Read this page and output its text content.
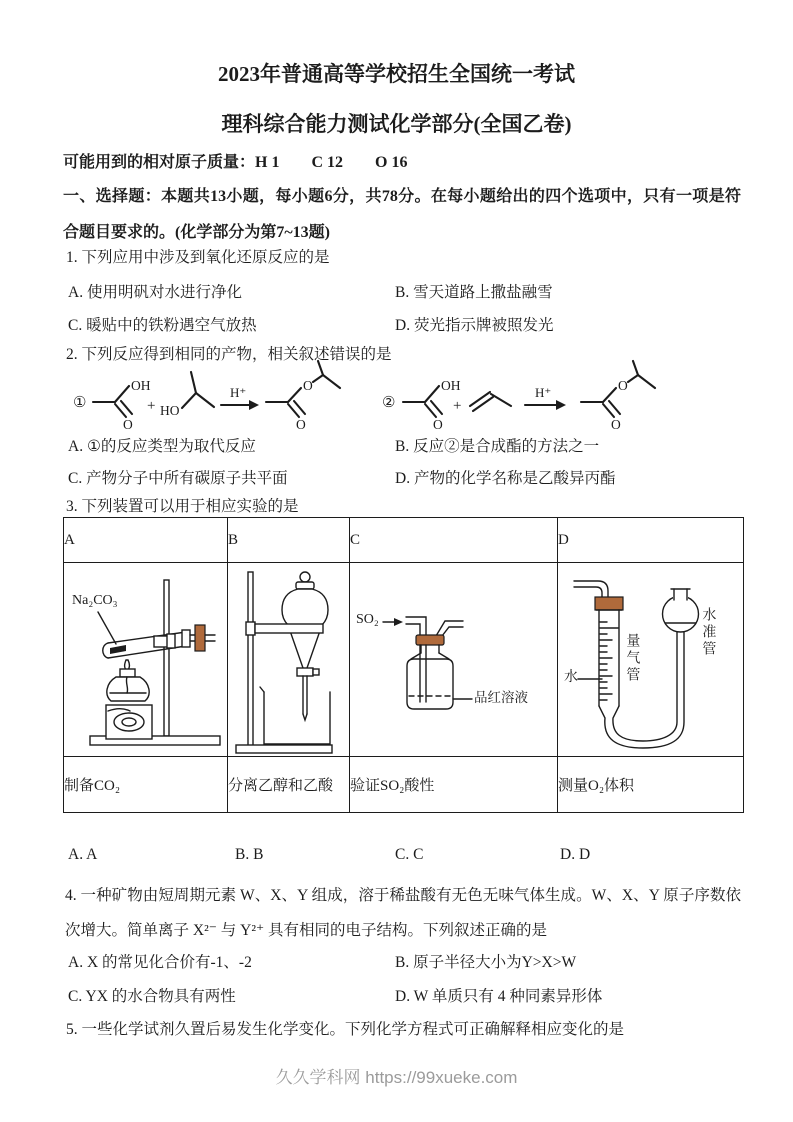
2023年普通高等学校招生全国统一考试
理科综合能力测试化学部分(全国乙卷)
可能用到的相对原子质量：H 1　　C 12　　O 16
一、选择题：本题共13小题，每小题6分，共78分。在每小题给出的四个选项中，只有一项是符合题目要求的。(化学部分为第7~13题)
1. 下列应用中涉及到氧化还原反应的是
A. 使用明矾对水进行净化	B. 雪天道路上撒盐融雪
C. 暖贴中的铁粉遇空气放热	D. 荧光指示牌被照发光
2. 下列反应得到相同的产物，相关叙述错误的是
①
OH
O
+ HO
H⁺
O
O
②
OH
O
+
H⁺
O
O
A. ①的反应类型为取代反应	B. 反应②是合成酯的方法之一
C. 产物分子中所有碳原子共平面	D. 产物的化学名称是乙酸异丙酯
3. 下列装置可以用于相应实验的是
A	B	C	D

Na₂CO₃

SO₂
品红溶液

水	量气管
水准管

制备CO₂	分离乙醇和乙酸	验证SO₂酸性	测量O₂体积
A. A	B. B	C. C	D. D
4. 一种矿物由短周期元素 W、X、Y 组成，溶于稀盐酸有无色无味气体生成。W、X、Y 原子序数依次增大。简单离子 X²⁻ 与 Y²⁺ 具有相同的电子结构。下列叙述正确的是
A. X 的常见化合价有-1、-2	B. 原子半径大小为Y>X>W
C. YX 的水合物具有两性	D. W 单质只有 4 种同素异形体
5. 一些化学试剂久置后易发生化学变化。下列化学方程式可正确解释相应变化的是
久久学科网 https://99xueke.com
